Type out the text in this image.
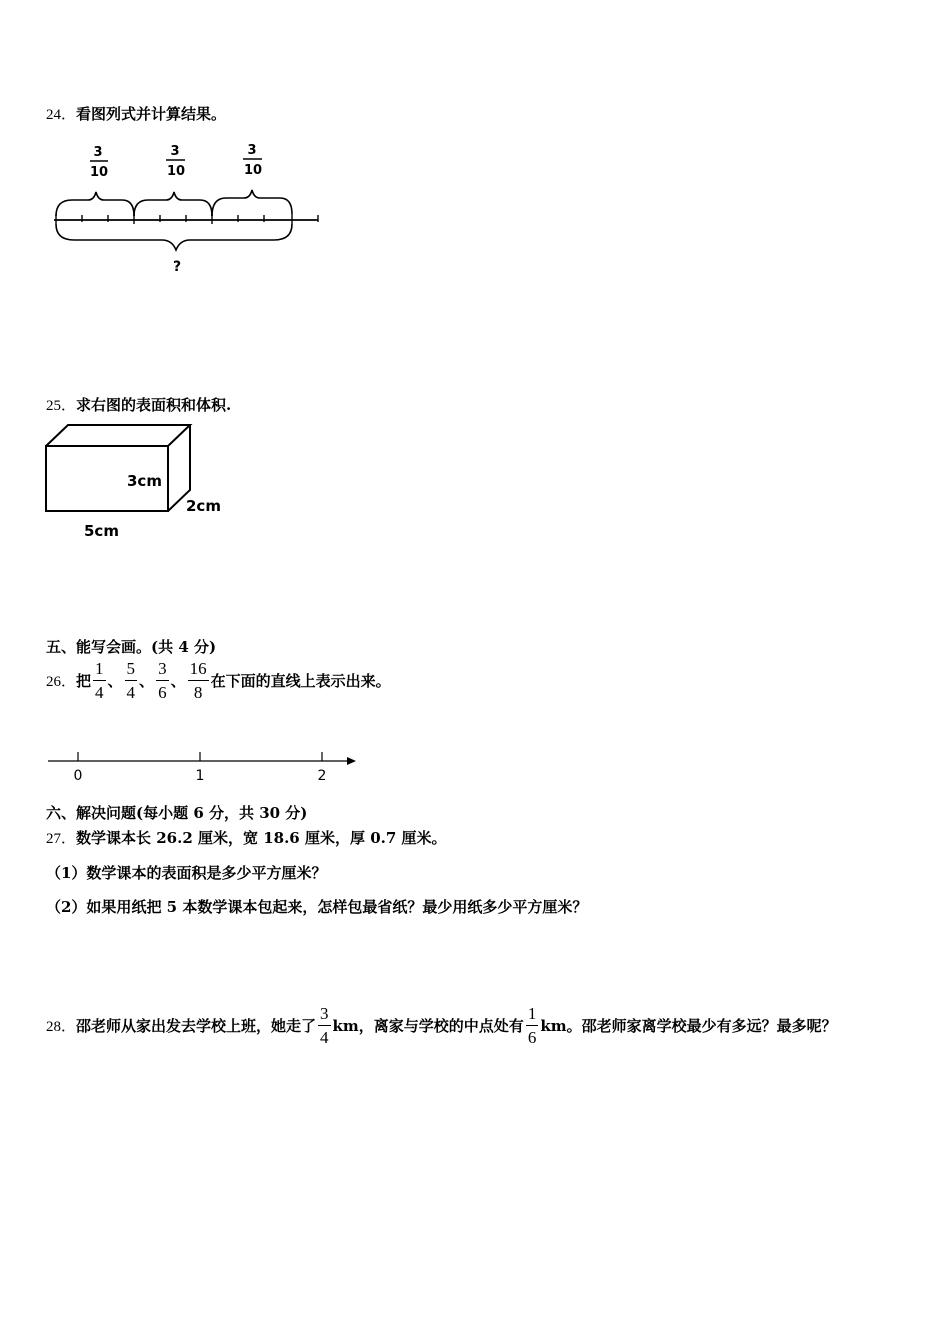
24．看图列式并计算结果。
3
10
3
10
3
10
?
25．求右图的表面积和体积.
3cm
2cm
5cm
五、能写会画。(共 4 分)
26． 把 $\frac{1}{4}$ 、 $\frac{5}{4}$ 、 $\frac{3}{6}$ 、 $\frac{16}{8}$ 在下面的直线上表示出来。
0	1	2
六、解决问题(每小题 6 分，共 30 分)
27．数学课本长 26.2 厘米，宽 18.6 厘米，厚 0.7 厘米。
（1）数学课本的表面积是多少平方厘米？
（2）如果用纸把 5 本数学课本包起来，怎样包最省纸？最少用纸多少平方厘米？
28． 邵老师从家出发去学校上班，她走了 $\frac{3}{4}$ km，离家与学校的中点处有 $\frac{1}{6}$ km。邵老师家离学校最少有多远？最多呢？
